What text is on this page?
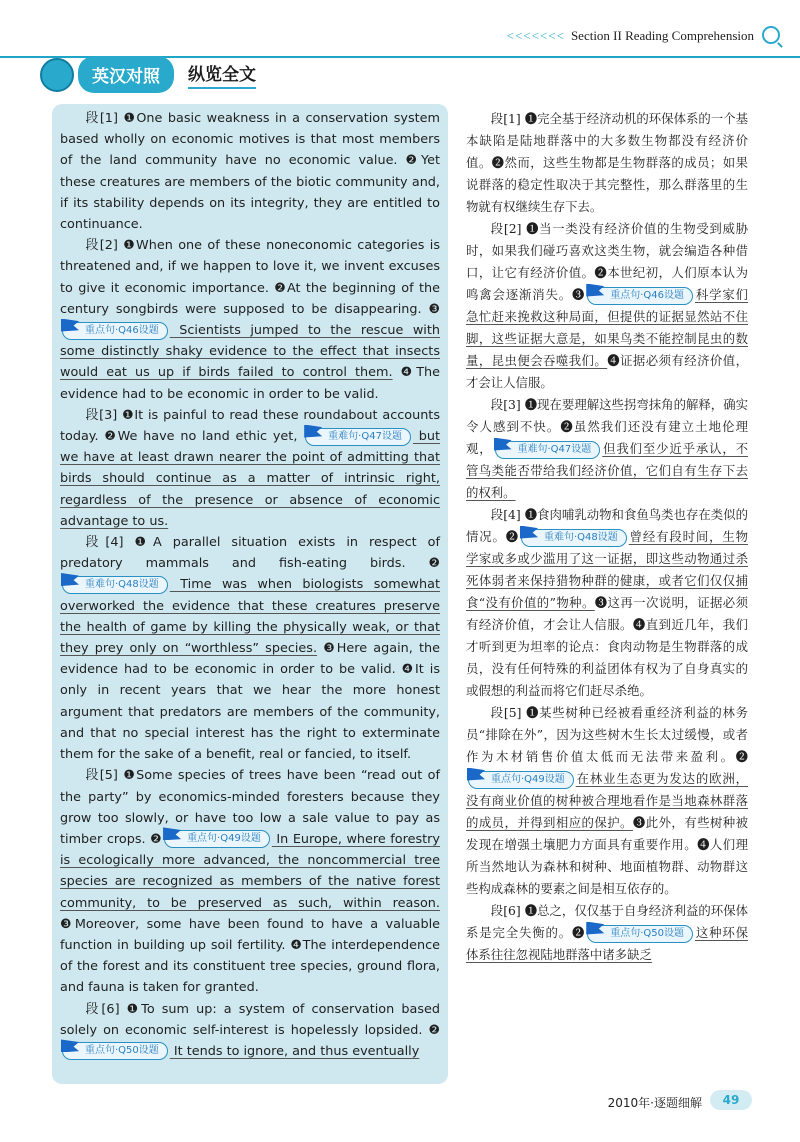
<<<<<<< Section II Reading Comprehension
英汉对照	纵览全文

段[1] ❶One basic weakness in a conservation system based wholly on economic motives is that most members of the land community have no economic value. ❷Yet these creatures are members of the biotic community and, if its stability depends on its integrity, they are entitled to continuance.

段[2] ❶When one of these noneconomic categories is threatened and, if we happen to love it, we invent excuses to give it economic importance. ❷At the beginning of the century songbirds were supposed to be disappearing. ❸重点句·Q46设题 Scientists jumped to the rescue with some distinctly shaky evidence to the effect that insects would eat us up if birds failed to control them. ❹The evidence had to be economic in order to be valid.

段[3] ❶It is painful to read these roundabout accounts today. ❷We have no land ethic yet,	重难句·Q47设题 but we have at least drawn nearer the point of admitting that birds should continue as a matter of intrinsic right, regardless of the presence or absence of economic advantage to us.

段[4] ❶A parallel situation exists in respect of predatory mammals and fish-eating birds. ❷重难句·Q48设题 Time was when biologists somewhat overworked the evidence that these creatures preserve the health of game by killing the physically weak, or that they prey only on “worthless” species. ❸Here again, the evidence had to be economic in order to be valid. ❹It is only in recent years that we hear the more honest argument that predators are members of the community, and that no special interest has the right to exterminate them for the sake of a benefit, real or fancied, to itself.

段[5] ❶Some species of trees have been “read out of the party” by economics-minded foresters because they grow too slowly, or have too low a sale value to pay as timber crops. ❷	重点句·Q49设题 In Europe, where forestry is ecologically more advanced, the noncommercial tree species are recognized as members of the native forest community, to be preserved as such, within reason. ❸Moreover, some have been found to have a valuable function in building up soil fertility. ❹The interdependence of the forest and its constituent tree species, ground flora, and fauna is taken for granted.

段[6] ❶To sum up: a system of conservation based solely on economic self-interest is hopelessly lopsided. ❷重点句·Q50设题 It tends to ignore, and thus eventually

段[1] ❶完全基于经济动机的环保体系的一个基本缺陷是陆地群落中的大多数生物都没有经济价值。❷然而，这些生物都是生物群落的成员；如果说群落的稳定性取决于其完整性，那么群落里的生物就有权继续生存下去。

段[2] ❶当一类没有经济价值的生物受到威胁时，如果我们碰巧喜欢这类生物，就会编造各种借口，让它有经济价值。❷本世纪初，人们原本认为鸣禽会逐渐消失。❸	重点句·Q46设题 科学家们急忙赶来挽救这种局面，但提供的证据显然站不住脚，这些证据大意是，如果鸟类不能控制昆虫的数量，昆虫便会吞噬我们。❹证据必须有经济价值，才会让人信服。

段[3] ❶现在要理解这些拐弯抹角的解释，确实令人感到不快。❷虽然我们还没有建立土地伦理观，	重难句·Q47设题 但我们至少近乎承认，不管鸟类能否带给我们经济价值，它们自有生存下去的权利。

段[4] ❶食肉哺乳动物和食鱼鸟类也存在类似的情况。❷	重难句·Q48设题 曾经有段时间，生物学家或多或少滥用了这一证据，即这些动物通过杀死体弱者来保持猎物种群的健康，或者它们仅仅捕食“没有价值的”物种。❸这再一次说明，证据必须有经济价值，才会让人信服。❹直到近几年，我们才听到更为坦率的论点：食肉动物是生物群落的成员，没有任何特殊的利益团体有权为了自身真实的或假想的利益而将它们赶尽杀绝。

段[5] ❶某些树种已经被看重经济利益的林务员“排除在外”，因为这些树木生长太过缓慢，或者作为木材销售价值太低而无法带来盈利。❷重点句·Q49设题 在林业生态更为发达的欧洲，没有商业价值的树种被合理地看作是当地森林群落的成员，并得到相应的保护。❸此外，有些树种被发现在增强土壤肥力方面具有重要作用。❹人们理所当然地认为森林和树种、地面植物群、动物群这些构成森林的要素之间是相互依存的。

段[6] ❶总之，仅仅基于自身经济利益的环保体系是完全失衡的。❷	重点句·Q50设题 这种环保体系往往忽视陆地群落中诸多缺乏

2010年·逐题细解	49
